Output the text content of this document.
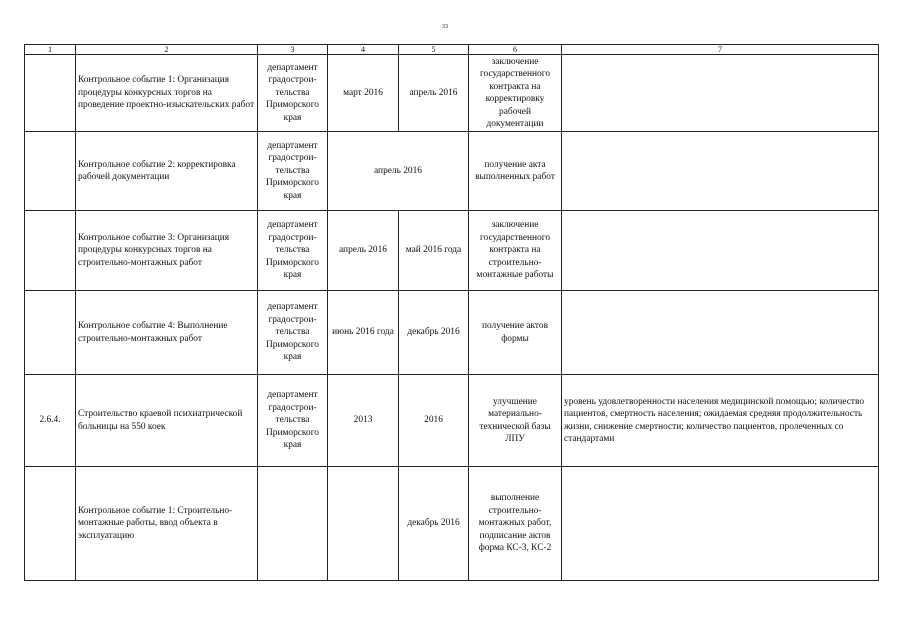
33
1	2	3	4	5	6	7
	Контрольное событие 1: Организация процедуры конкурсных торгов на проведение проектно-изыскательских работ	департамент градострои-тельства Приморского края	март 2016	апрель 2016	заключение государственного контракта на корректировку рабочей документации	
	Контрольное событие 2: корректировка рабочей документации	департамент градострои-тельства Приморского края	апрель 2016		получение акта выполненных работ	
	Контрольное событие 3: Организация процедуры конкурсных торгов на строительно-монтажных работ	департамент градострои-тельства Приморского края	апрель 2016	май 2016 года	заключение государственного контракта на строительно-монтажные работы	
	Контрольное событие 4: Выполнение строительно-монтажных работ	департамент градострои-тельства Приморского края	июнь 2016 года	декабрь 2016	получение актов формы	
2.6.4.	Строительство краевой психиатрической больницы на 550 коек	департамент градострои-тельства Приморского края	2013	2016	улучшение материально-технической базы ЛПУ	уровень удовлетворенности населения медицинской помощью; количество пациентов, смертность населения; ожидаемая средняя продолжительность жизни, снижение смертности; количество пациентов, пролеченных со стандартами
	Контрольное событие 1: Строительно-монтажные работы, ввод объекта в эксплуатацию			декабрь 2016	выполнение строительно-монтажных работ, подписание актов форма КС-3, КС-2	
